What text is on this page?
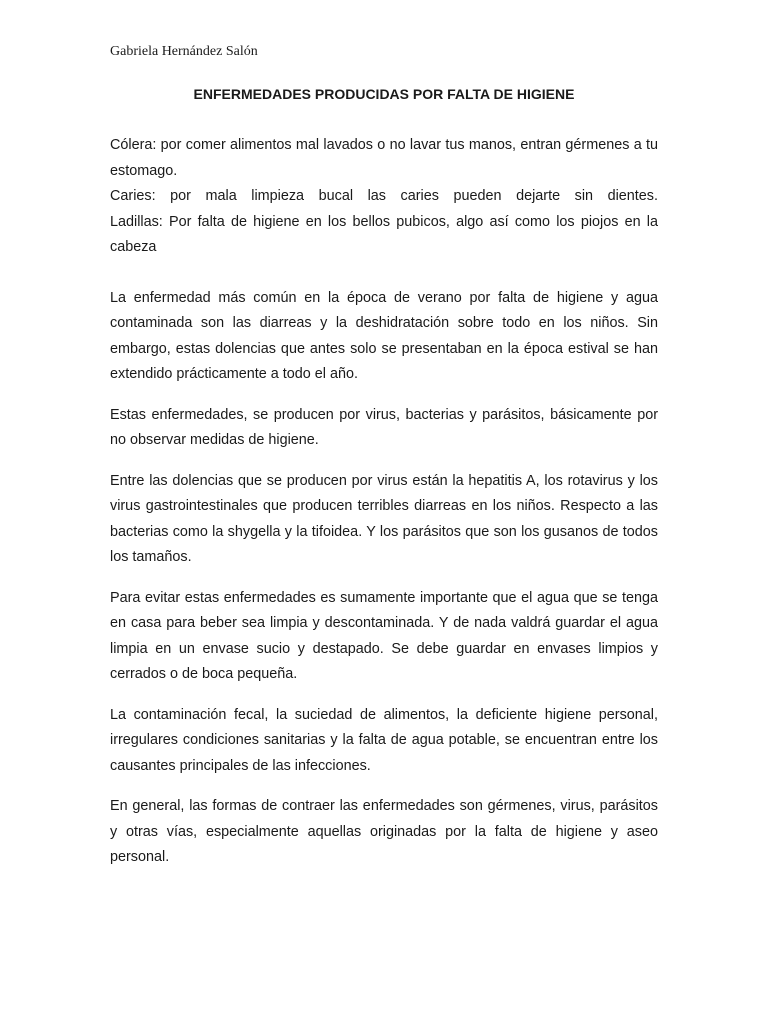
Gabriela Hernández Salón

ENFERMEDADES PRODUCIDAS POR FALTA DE HIGIENE

Cólera: por comer alimentos mal lavados o no lavar tus manos, entran gérmenes a tu estomago.
Caries: por mala limpieza bucal las caries pueden dejarte sin dientes.
Ladillas: Por falta de higiene en los bellos pubicos, algo así como los piojos en la cabeza

La enfermedad más común en la época de verano por falta de higiene y agua contaminada son las diarreas y la deshidratación sobre todo en los niños. Sin embargo, estas dolencias que antes solo se presentaban en la época estival se han extendido prácticamente a todo el año.

Estas enfermedades, se producen por virus, bacterias y parásitos, básicamente por no observar medidas de higiene.

Entre las dolencias que se producen por virus están la hepatitis A, los rotavirus y los virus gastrointestinales que producen terribles diarreas en los niños. Respecto a las bacterias como la shygella y la tifoidea. Y los parásitos que son los gusanos de todos los tamaños.

Para evitar estas enfermedades es sumamente importante que el agua que se tenga en casa para beber sea limpia y descontaminada. Y de nada valdrá guardar el agua limpia en un envase sucio y destapado. Se debe guardar en envases limpios y cerrados o de boca pequeña.

La contaminación fecal, la suciedad de alimentos, la deficiente higiene personal, irregulares condiciones sanitarias y la falta de agua potable, se encuentran entre los causantes principales de las infecciones.

En general, las formas de contraer las enfermedades son gérmenes, virus, parásitos y otras vías, especialmente aquellas originadas por la falta de higiene y aseo personal.
